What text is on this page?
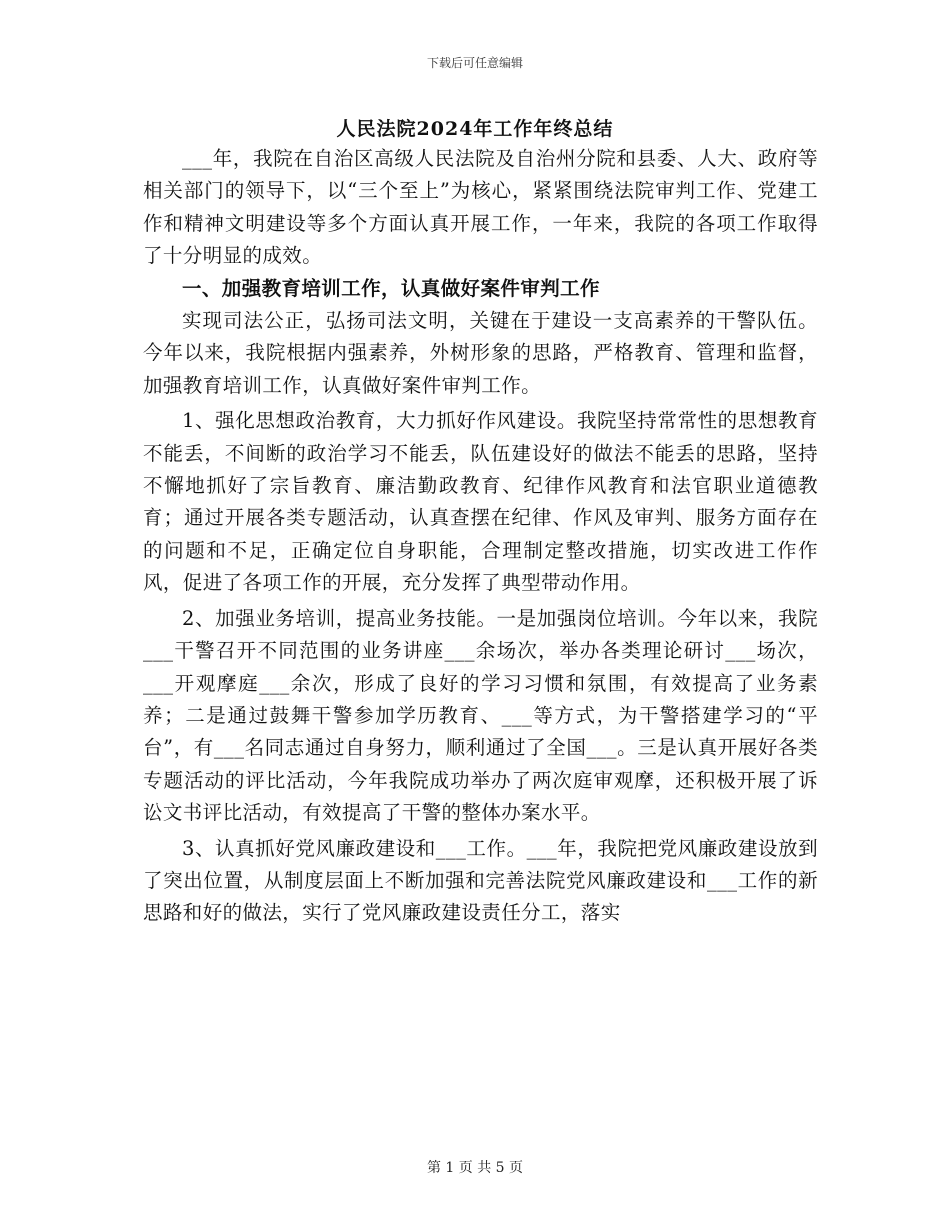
下载后可任意编辑
人民法院2024年工作年终总结

___年，我院在自治区高级人民法院及自治州分院和县委、人大、政府等相关部门的领导下，以“三个至上”为核心，紧紧围绕法院审判工作、党建工作和精神文明建设等多个方面认真开展工作，一年来，我院的各项工作取得了十分明显的成效。

一、加强教育培训工作，认真做好案件审判工作

实现司法公正，弘扬司法文明，关键在于建设一支高素养的干警队伍。今年以来，我院根据内强素养，外树形象的思路，严格教育、管理和监督，加强教育培训工作，认真做好案件审判工作。

1、强化思想政治教育，大力抓好作风建设。我院坚持常常性的思想教育不能丢，不间断的政治学习不能丢，队伍建设好的做法不能丢的思路，坚持不懈地抓好了宗旨教育、廉洁勤政教育、纪律作风教育和法官职业道德教育；通过开展各类专题活动，认真查摆在纪律、作风及审判、服务方面存在的问题和不足，正确定位自身职能，合理制定整改措施，切实改进工作作风，促进了各项工作的开展，充分发挥了典型带动作用。

2、加强业务培训，提高业务技能。一是加强岗位培训。今年以来，我院___干警召开不同范围的业务讲座___余场次，举办各类理论研讨___场次，___开观摩庭___余次，形成了良好的学习习惯和氛围，有效提高了业务素养；二是通过鼓舞干警参加学历教育、___等方式，为干警搭建学习的“平台”，有___名同志通过自身努力，顺利通过了全国___。三是认真开展好各类专题活动的评比活动，今年我院成功举办了两次庭审观摩，还积极开展了诉讼文书评比活动，有效提高了干警的整体办案水平。

3、认真抓好党风廉政建设和___工作。___年，我院把党风廉政建设放到了突出位置，从制度层面上不断加强和完善法院党风廉政建设和___工作的新思路和好的做法，实行了党风廉政建设责任分工，落实

第 1 页 共 5 页
